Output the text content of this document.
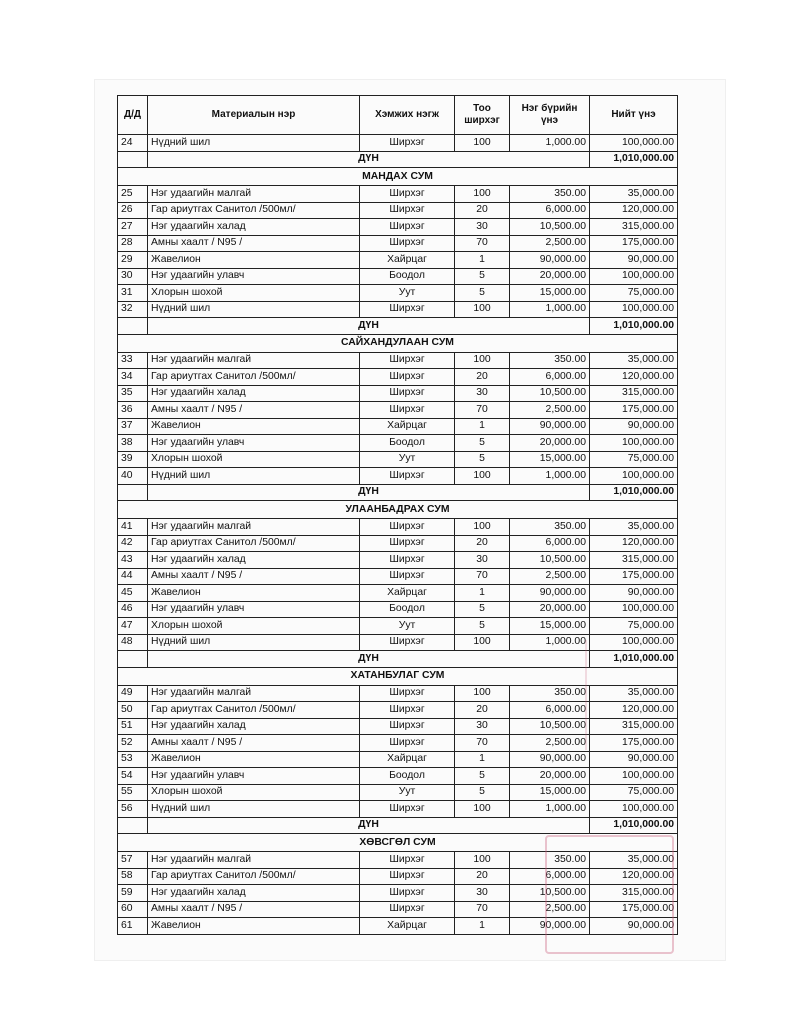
Д/Д	Материалын нэр	Хэмжих нэгж	Тоо ширхэг	Нэг бүрийн үнэ	Нийт үнэ
24	Нүдний шил	Ширхэг	100	1,000.00	100,000.00
	ДҮН				1,010,000.00
МАНДАХ СУМ					
25	Нэг удаагийн малгай	Ширхэг	100	350.00	35,000.00
26	Гар ариутгах Санитол /500мл/	Ширхэг	20	6,000.00	120,000.00
27	Нэг удаагийн халад	Ширхэг	30	10,500.00	315,000.00
28	Амны хаалт / N95 /	Ширхэг	70	2,500.00	175,000.00
29	Жавелион	Хайрцаг	1	90,000.00	90,000.00
30	Нэг удаагийн улавч	Боодол	5	20,000.00	100,000.00
31	Хлорын шохой	Уут	5	15,000.00	75,000.00
32	Нүдний шил	Ширхэг	100	1,000.00	100,000.00
	ДҮН				1,010,000.00
САЙХАНДУЛААН СУМ					
33	Нэг удаагийн малгай	Ширхэг	100	350.00	35,000.00
34	Гар ариутгах Санитол /500мл/	Ширхэг	20	6,000.00	120,000.00
35	Нэг удаагийн халад	Ширхэг	30	10,500.00	315,000.00
36	Амны хаалт / N95 /	Ширхэг	70	2,500.00	175,000.00
37	Жавелион	Хайрцаг	1	90,000.00	90,000.00
38	Нэг удаагийн улавч	Боодол	5	20,000.00	100,000.00
39	Хлорын шохой	Уут	5	15,000.00	75,000.00
40	Нүдний шил	Ширхэг	100	1,000.00	100,000.00
	ДҮН				1,010,000.00
УЛААНБАДРАХ СУМ					
41	Нэг удаагийн малгай	Ширхэг	100	350.00	35,000.00
42	Гар ариутгах Санитол /500мл/	Ширхэг	20	6,000.00	120,000.00
43	Нэг удаагийн халад	Ширхэг	30	10,500.00	315,000.00
44	Амны хаалт / N95 /	Ширхэг	70	2,500.00	175,000.00
45	Жавелион	Хайрцаг	1	90,000.00	90,000.00
46	Нэг удаагийн улавч	Боодол	5	20,000.00	100,000.00
47	Хлорын шохой	Уут	5	15,000.00	75,000.00
48	Нүдний шил	Ширхэг	100	1,000.00	100,000.00
	ДҮН				1,010,000.00
ХАТАНБУЛАГ СУМ					
49	Нэг удаагийн малгай	Ширхэг	100	350.00	35,000.00
50	Гар ариутгах Санитол /500мл/	Ширхэг	20	6,000.00	120,000.00
51	Нэг удаагийн халад	Ширхэг	30	10,500.00	315,000.00
52	Амны хаалт / N95 /	Ширхэг	70	2,500.00	175,000.00
53	Жавелион	Хайрцаг	1	90,000.00	90,000.00
54	Нэг удаагийн улавч	Боодол	5	20,000.00	100,000.00
55	Хлорын шохой	Уут	5	15,000.00	75,000.00
56	Нүдний шил	Ширхэг	100	1,000.00	100,000.00
	ДҮН				1,010,000.00
ХӨВСГӨЛ СУМ					
57	Нэг удаагийн малгай	Ширхэг	100	350.00	35,000.00
58	Гар ариутгах Санитол /500мл/	Ширхэг	20	6,000.00	120,000.00
59	Нэг удаагийн халад	Ширхэг	30	10,500.00	315,000.00
60	Амны хаалт / N95 /	Ширхэг	70	2,500.00	175,000.00
61	Жавелион	Хайрцаг	1	90,000.00	90,000.00
